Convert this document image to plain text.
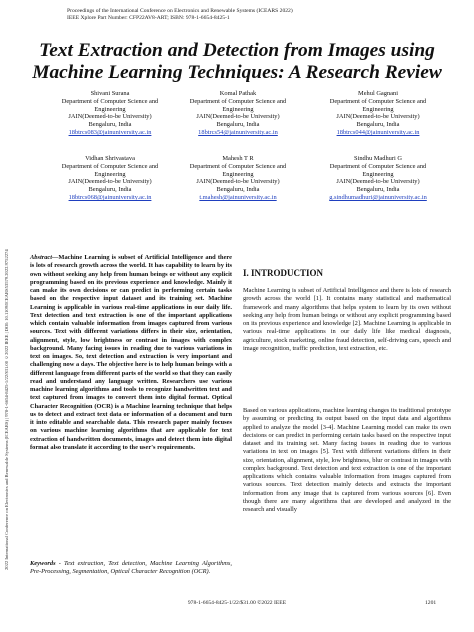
Proceedings of the International Conference on Electronics and Renewable Systems (ICEARS 2022)
IEEE Xplore Part Number: CFP22AV8-ART; ISBN: 978-1-6654-8425-1
2022 International Conference on Electronics and Renewable Systems (ICEARS) | 978-1-6654-8425-1/22/$31.00 ©2022 IEEE | DOI: 10.1109/ICEARS53579.2022.9752274
Text Extraction and Detection from Images using
Machine Learning Techniques: A Research Review
Shivani Surana
Department of Computer Science and
Engineering
JAIN(Deemed-to-be University)
Bengaluru, India
18btrcs083@jainuniversity.ac.in
Komal Pathak
Department of Computer Science and
Engineering
JAIN(Deemed-to-be University)
Bengaluru, India
18btrcs54@jainuniversity.ac.in
Mehul Gagnani
Department of Computer Science and
Engineering
JAIN(Deemed-to-be University)
Bengaluru, India
18btrcs044@jainuniversity.ac.in
Vidhan Shrivastava
Department of Computer Science and
Engineering
JAIN(Deemed-to-be University)
Bengaluru, India
18btrcs068@jainuniversity.ac.in
Mahesh T R
Department of Computer Science and
Engineering
JAIN(Deemed-to-be University)
Bengaluru, India
t.mahesh@jainuniversity.ac.in
Sindhu Madhuri G
Department of Computer Science and
Engineering
JAIN(Deemed-to-be University)
Bengaluru, India
g.sindhumadhuri@jainuniversity.ac.in
Abstract—Machine Learning is subset of Artificial Intelligence and there is lots of research growth across the world. It has capability to learn by its own without seeking any help from human beings or without any explicit programming based on its previous experience and knowledge. Mainly it can make its own decisions or can predict in performing certain tasks based on the respective input dataset and its training set. Machine Learning is applicable in various real-time applications in our daily life. Text detection and text extraction is one of the important applications which contain valuable information from images captured from various sources. Text with different variations differs in their size, orientation, alignment, style, low brightness or contrast in images with complex background. Many facing issues in reading due to various variations in text on images. So, text detection and extraction is very important and challenging now a days. The objective here is to help human beings with a different language from different parts of the world so that they can easily read and understand any language written. Researchers use various machine learning algorithms and tools to recognize handwritten text and text captured from images to convert them into digital format. Optical Character Recognition (OCR) is a Machine learning technique that helps us to detect and extract text data or information of a document and turn it into editable and searchable data. This research paper mainly focuses on various machine learning algorithms that are applicable for text extraction of handwritten documents, images and detect them into digital format also translate it according to the user's requirements.
Keywords - Text extraction, Text detection, Machine Learning Algorithms, Pre-Processing, Segmentation, Optical Character Recognition (OCR).
I. INTRODUCTION
Machine Learning is subset of Artificial Intelligence and there is lots of research growth across the world [1]. It contains many statistical and mathematical framework and many algorithms that helps system to learn by its own without seeking any help from human beings or without any explicit programming based on its previous experience and knowledge [2]. Machine Learning is applicable in various real-time applications in our daily life like medical diagnosis, agriculture, stock marketing, online fraud detection, self-driving cars, speech and image recognition, traffic prediction, text extraction, etc.
Based on various applications, machine learning changes its traditional prototype by assuming or predicting its output based on the input data and algorithms applied to analyze the model [3-4]. Machine Learning model can make its own decisions or can predict in performing certain tasks based on the respective input dataset and its training set. Many facing issues in reading due to various variations in text on images [5]. Text with different variations differs in their size, orientation, alignment, style, low brightness, blur or contrast in images with complex background. Text detection and text extraction is one of the important applications which contains valuable information from images captured from various sources. Text detection mainly detects and extracts the important information from any image that is captured from various sources [6]. Even though there are many algorithms that are developed and analyzed in the research and visually
978-1-6654-8425-1/22/$31.00 ©2022 IEEE	1201
